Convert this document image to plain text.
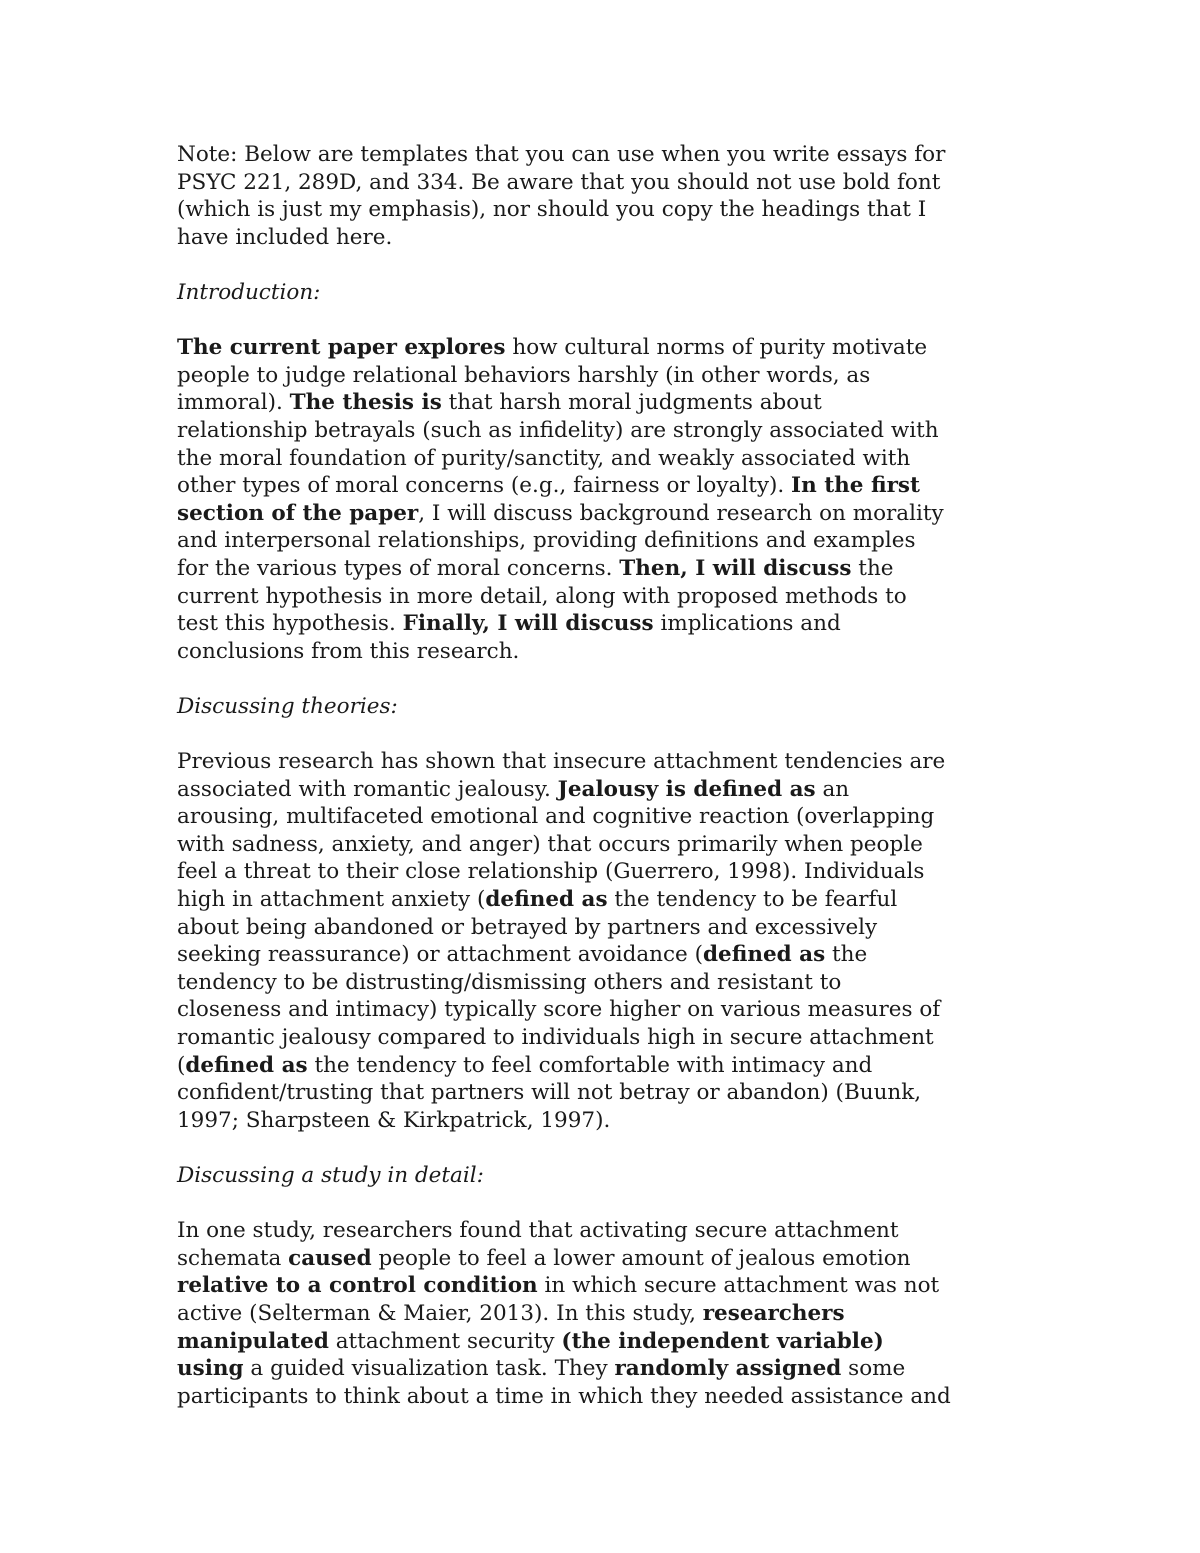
Note: Below are templates that you can use when you write essays for
PSYC 221, 289D, and 334. Be aware that you should not use bold font
(which is just my emphasis), nor should you copy the headings that I
have included here.
Introduction:
The current paper explores how cultural norms of purity motivate
people to judge relational behaviors harshly (in other words, as
immoral). The thesis is that harsh moral judgments about
relationship betrayals (such as infidelity) are strongly associated with
the moral foundation of purity/sanctity, and weakly associated with
other types of moral concerns (e.g., fairness or loyalty). In the first
section of the paper, I will discuss background research on morality
and interpersonal relationships, providing definitions and examples
for the various types of moral concerns. Then, I will discuss the
current hypothesis in more detail, along with proposed methods to
test this hypothesis. Finally, I will discuss implications and
conclusions from this research.
Discussing theories:
Previous research has shown that insecure attachment tendencies are
associated with romantic jealousy. Jealousy is defined as an
arousing, multifaceted emotional and cognitive reaction (overlapping
with sadness, anxiety, and anger) that occurs primarily when people
feel a threat to their close relationship (Guerrero, 1998). Individuals
high in attachment anxiety (defined as the tendency to be fearful
about being abandoned or betrayed by partners and excessively
seeking reassurance) or attachment avoidance (defined as the
tendency to be distrusting/dismissing others and resistant to
closeness and intimacy) typically score higher on various measures of
romantic jealousy compared to individuals high in secure attachment
(defined as the tendency to feel comfortable with intimacy and
confident/trusting that partners will not betray or abandon) (Buunk,
1997; Sharpsteen & Kirkpatrick, 1997).
Discussing a study in detail:
In one study, researchers found that activating secure attachment
schemata caused people to feel a lower amount of jealous emotion
relative to a control condition in which secure attachment was not
active (Selterman & Maier, 2013). In this study, researchers
manipulated attachment security (the independent variable)
using a guided visualization task. They randomly assigned some
participants to think about a time in which they needed assistance and
